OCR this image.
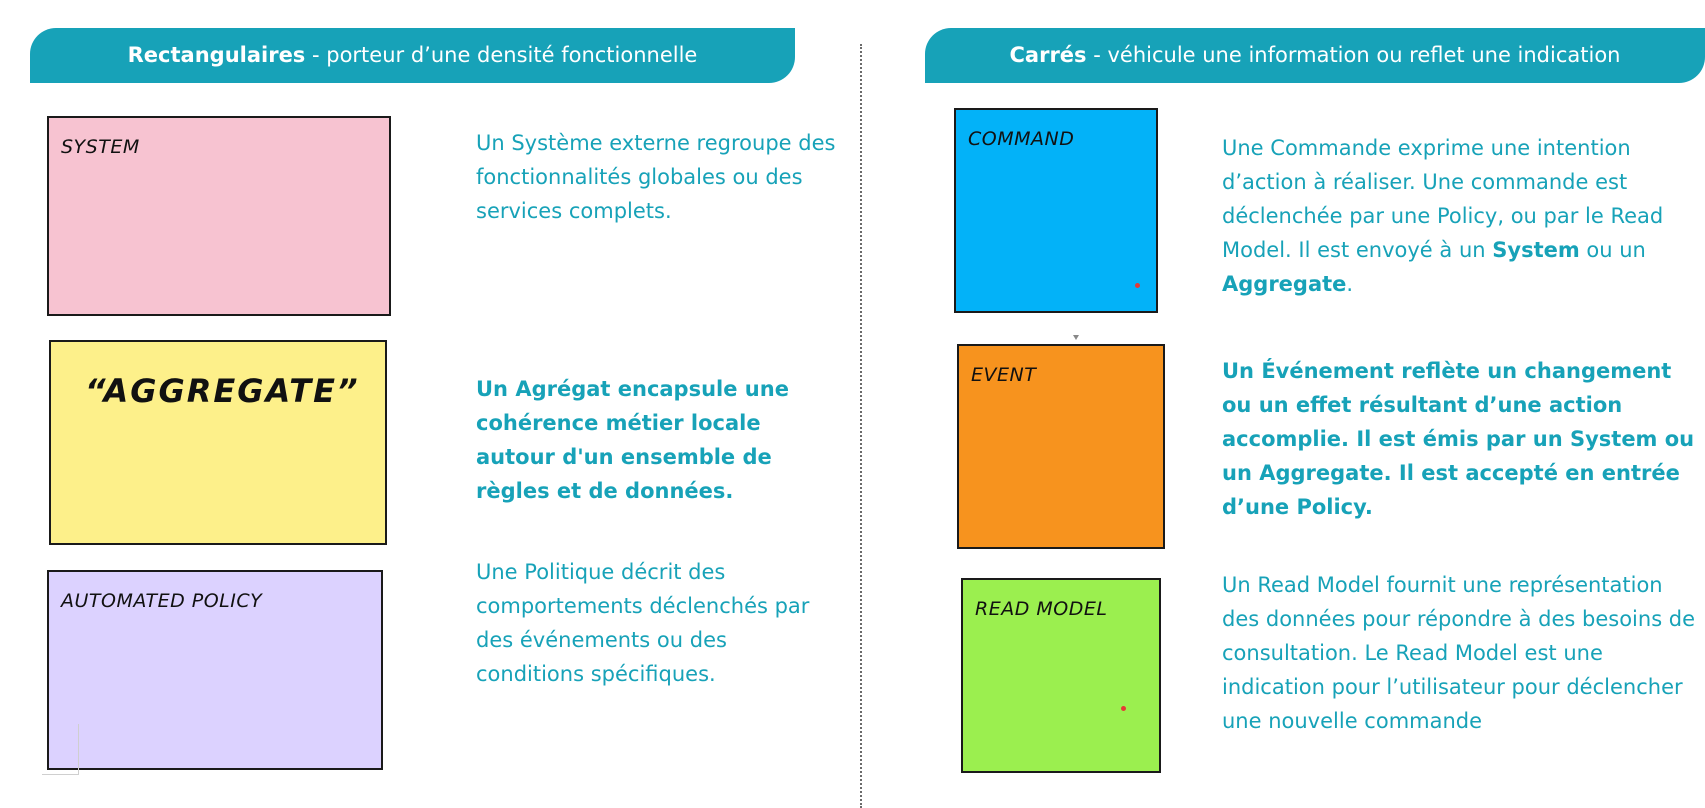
Rectangulaires - porteur d’une densité fonctionnelle	Carrés - véhicule une information ou reflet une indication
SYSTEM	Un Système externe regroupe des fonctionnalités globales ou des services complets.
“AGGREGATE”	Un Agrégat encapsule une cohérence métier locale autour d'un ensemble de règles et de données.
AUTOMATED POLICY
Une Politique décrit des comportements déclenchés par des événements ou des conditions spécifiques.
COMMAND	Une Commande exprime une intention d’action à réaliser. Une commande est déclenchée par une Policy, ou par le Read Model. Il est envoyé à un System ou un Aggregate.
EVENT	Un Événement reflète un changement ou un effet résultant d’une action accomplie. Il est émis par un System ou un Aggregate. Il est accepté en entrée d’une Policy.
READ MODEL
Un Read Model fournit une représentation des données pour répondre à des besoins de consultation. Le Read Model est une indication pour l’utilisateur pour déclencher une nouvelle commande
